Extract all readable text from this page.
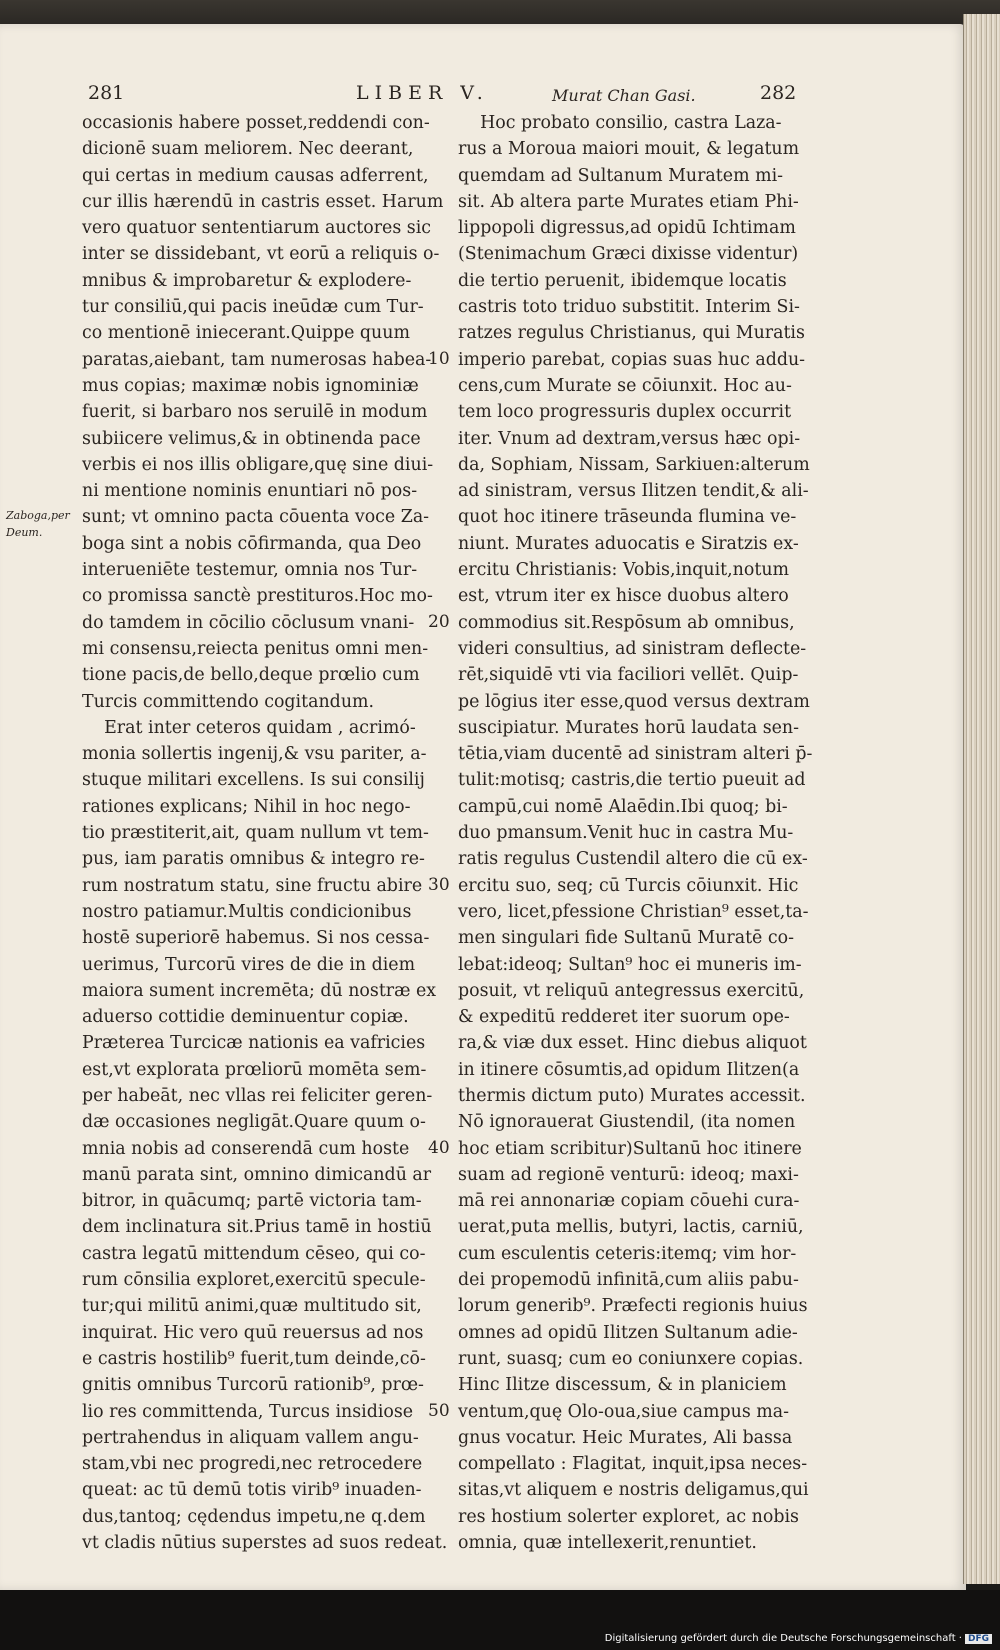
281	LIBER V.	Murat Chan Gasi.	282
Zaboga,per
Deum.
occasionis habere posset,reddendi con-
dicionē suam meliorem. Nec deerant,
qui certas in medium causas adferrent,
cur illis hærendū in castris esset. Harum
vero quatuor sententiarum auctores sic
inter se dissidebant, vt eorū a reliquis o-
mnibus & improbaretur & explodere-
tur consiliū,qui pacis ineūdæ cum Tur-
co mentionē iniecerant.Quippe quum
paratas,aiebant, tam numerosas habea-
mus copias; maximæ nobis ignominiæ
fuerit, si barbaro nos seruilē in modum
subiicere velimus,& in obtinenda pace
verbis ei nos illis obligare,quę sine diui-
ni mentione nominis enuntiari nō pos-
sunt; vt omnino pacta cōuenta voce Za-
boga sint a nobis cōfirmanda, qua Deo
interueniēte testemur, omnia nos Tur-
co promissa sanctè prestituros.Hoc mo-
do tamdem in cōcilio cōclusum vnani-
mi consensu,reiecta penitus omni men-
tione pacis,de bello,deque prœlio cum
Turcis committendo cogitandum.
Erat inter ceteros quidam , acrimó-
monia sollertis ingenij,& vsu pariter, a-
stuque militari excellens. Is sui consilij
rationes explicans; Nihil in hoc nego-
tio præstiterit,ait, quam nullum vt tem-
pus, iam paratis omnibus & integro re-
rum nostratum statu, sine fructu abire
nostro patiamur.Multis condicionibus
hostē superiorē habemus. Si nos cessa-
uerimus, Turcorū vires de die in diem
maiora sument incremēta; dū nostræ ex
aduerso cottidie deminuentur copiæ.
Præterea Turcicæ nationis ea vafricies
est,vt explorata prœliorū momēta sem-
per habeāt, nec vllas rei feliciter geren-
dæ occasiones negligāt.Quare quum o-
mnia nobis ad conserendā cum hoste
manū parata sint, omnino dimicandū ar
bitror, in quācumq; partē victoria tam-
dem inclinatura sit.Prius tamē in hostiū
castra legatū mittendum cēseo, qui co-
rum cōnsilia exploret,exercitū specule-
tur;qui militū animi,quæ multitudo sit,
inquirat. Hic vero quū reuersus ad nos
e castris hostilib⁹ fuerit,tum deinde,cō-
gnitis omnibus Turcorū rationib⁹, prœ-
lio res committenda, Turcus insidiose
pertrahendus in aliquam vallem angu-
stam,vbi nec progredi,nec retrocedere
queat: ac tū demū totis virib⁹ inuaden-
dus,tantoq; cędendus impetu,ne q.dem
vt cladis nūtius superstes ad suos redeat.
Hoc probato consilio, castra Laza-
rus a Moroua maiori mouit, & legatum
quemdam ad Sultanum Muratem mi-
sit. Ab altera parte Murates etiam Phi-
lippopoli digressus,ad opidū Ichtimam
(Stenimachum Græci dixisse videntur)
die tertio peruenit, ibidemque locatis
castris toto triduo substitit. Interim Si-
ratzes regulus Christianus, qui Muratis
imperio parebat, copias suas huc addu-
cens,cum Murate se cōiunxit. Hoc au-
tem loco progressuris duplex occurrit
iter. Vnum ad dextram,versus hæc opi-
da, Sophiam, Nissam, Sarkiuen:alterum
ad sinistram, versus Ilitzen tendit,& ali-
quot hoc itinere trāseunda flumina ve-
niunt. Murates aduocatis e Siratzis ex-
ercitu Christianis: Vobis,inquit,notum
est, vtrum iter ex hisce duobus altero
commodius sit.Respōsum ab omnibus,
videri consultius, ad sinistram deflecte-
rēt,siquidē vti via faciliori vellēt. Quip-
pe lōgius iter esse,quod versus dextram
suscipiatur. Murates horū laudata sen-
tētia,viam ducentē ad sinistram alteri p̄-
tulit:motisq; castris,die tertio pueuit ad
campū,cui nomē Alaēdin.Ibi quoq; bi-
duo pmansum.Venit huc in castra Mu-
ratis regulus Custendil altero die cū ex-
ercitu suo, seq; cū Turcis cōiunxit. Hic
vero, licet,pfessione Christian⁹ esset,ta-
men singulari fide Sultanū Muratē co-
lebat:ideoq; Sultan⁹ hoc ei muneris im-
posuit, vt reliquū antegressus exercitū,
& expeditū redderet iter suorum ope-
ra,& viæ dux esset. Hinc diebus aliquot
in itinere cōsumtis,ad opidum Ilitzen(a
thermis dictum puto) Murates accessit.
Nō ignorauerat Giustendil, (ita nomen
hoc etiam scribitur)Sultanū hoc itinere
suam ad regionē venturū: ideoq; maxi-
mā rei annonariæ copiam cōuehi cura-
uerat,puta mellis, butyri, lactis, carniū,
cum esculentis ceteris:itemq; vim hor-
dei propemodū infinitā,cum aliis pabu-
lorum generib⁹. Præfecti regionis huius
omnes ad opidū Ilitzen Sultanum adie-
runt, suasq; cum eo coniunxere copias.
Hinc Ilitze discessum, & in planiciem
ventum,quę Olo-oua,siue campus ma-
gnus vocatur. Heic Murates, Ali bassa
compellato : Flagitat, inquit,ipsa neces-
sitas,vt aliquem e nostris deligamus,qui
res hostium solerter exploret, ac nobis
omnia, quæ intellexerit,renuntiet.
10
20
30
40
50
Digitalisierung gefördert durch die Deutsche Forschungsgemeinschaft · DFG
